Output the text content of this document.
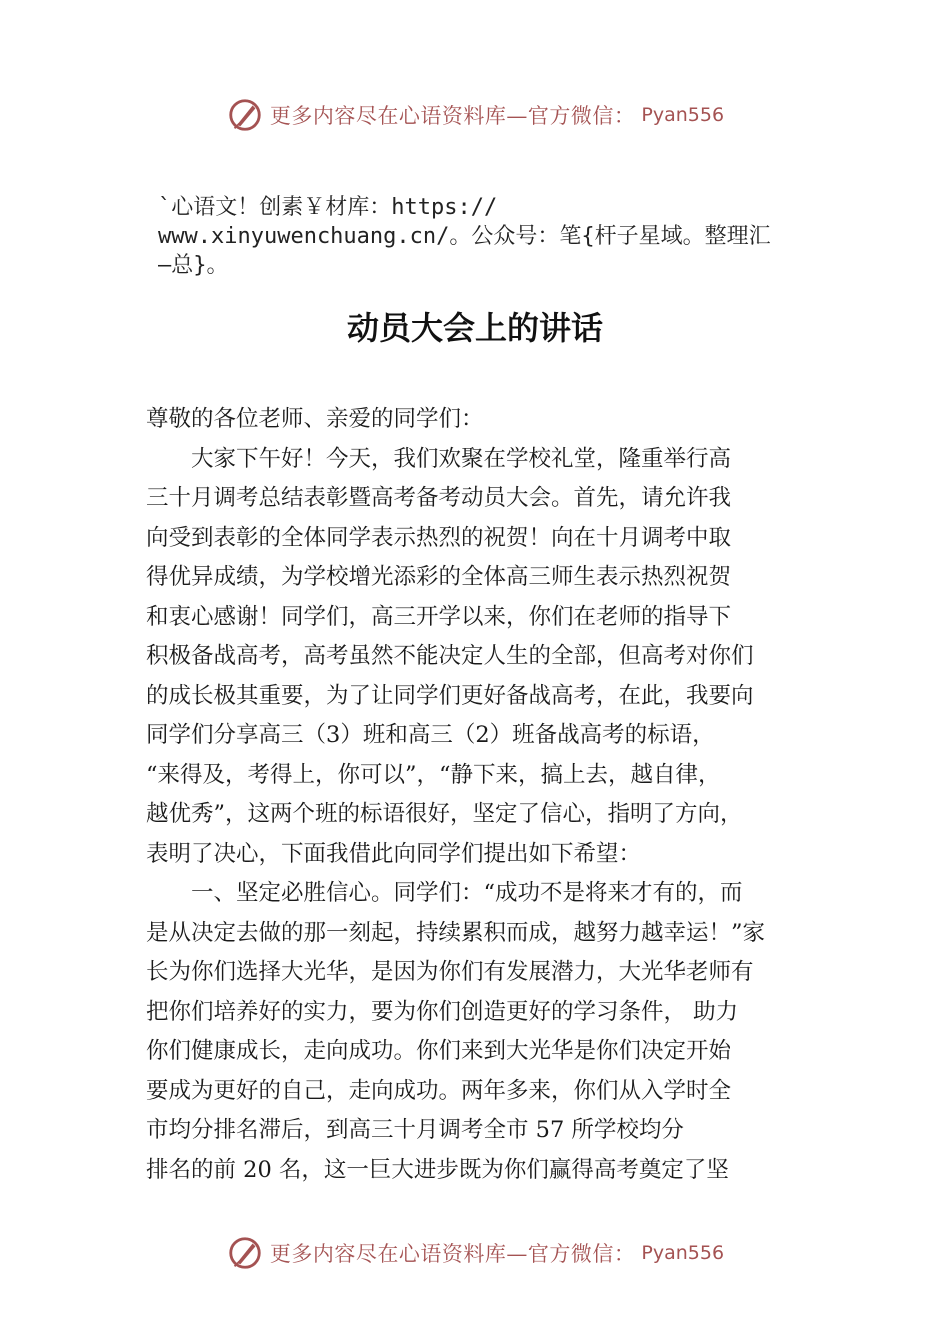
更多内容尽在心语资料库—官方微信： Pyan556
`心语文！创素￥材库：https://
www.xinyuwenchuang.cn/。公众号：笔{杆子星域。整理汇
—总}。
动员大会上的讲话
尊敬的各位老师、亲爱的同学们：
　　大家下午好！今天，我们欢聚在学校礼堂，隆重举行高
三十月调考总结表彰暨高考备考动员大会。首先，请允许我
向受到表彰的全体同学表示热烈的祝贺！向在十月调考中取
得优异成绩，为学校增光添彩的全体高三师生表示热烈祝贺
和衷心感谢！同学们，高三开学以来，你们在老师的指导下
积极备战高考，高考虽然不能决定人生的全部，但高考对你们
的成长极其重要，为了让同学们更好备战高考，在此，我要向
同学们分享高三（3）班和高三（2）班备战高考的标语，
“来得及，考得上，你可以”，“静下来，搞上去，越自律，
越优秀”，这两个班的标语很好，坚定了信心，指明了方向，
表明了决心，下面我借此向同学们提出如下希望：
　　一、坚定必胜信心。同学们：“成功不是将来才有的，而
是从决定去做的那一刻起，持续累积而成，越努力越幸运！”家
长为你们选择大光华，是因为你们有发展潜力，大光华老师有
把你们培养好的实力，要为你们创造更好的学习条件， 助力
你们健康成长，走向成功。你们来到大光华是你们决定开始
要成为更好的自己，走向成功。两年多来，你们从入学时全
市均分排名滞后，到高三十月调考全市 57 所学校均分
排名的前 20 名，这一巨大进步既为你们赢得高考奠定了坚
更多内容尽在心语资料库—官方微信： Pyan556
